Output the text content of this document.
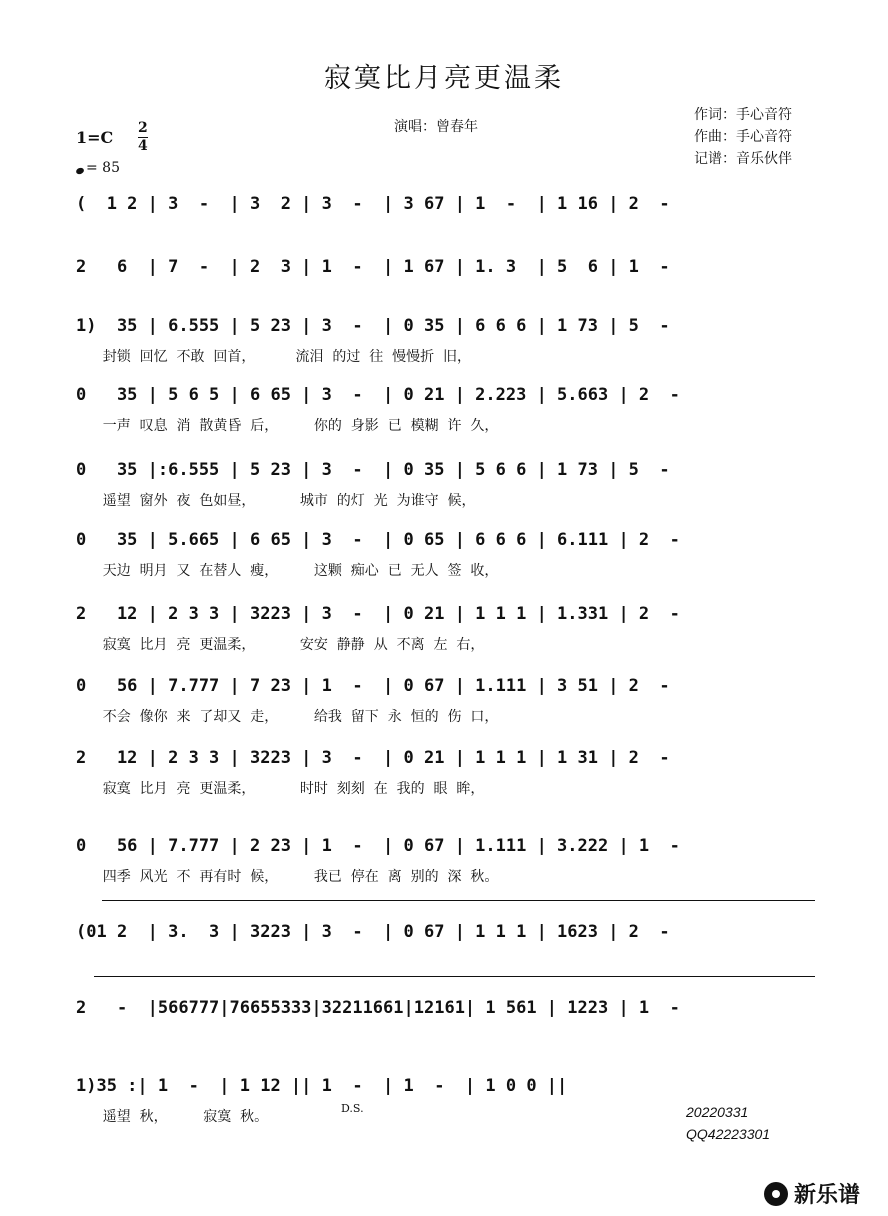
寂寞比月亮更温柔
1=C 2
4
= 85
演唱：曾春年
作词：手心音符
作曲：手心音符
记谱：音乐伙伴
(  1 2 | 3  -  | 3  2 | 3  -  | 3 67 | 1  -  | 1 16 | 2  -
2   6  | 7  -  | 2  3 | 1  -  | 1 67 | 1. 3  | 5  6 | 1  -
1)  35 | 6.555 | 5 23 | 3  -  | 0 35 | 6 6 6 | 1 73 | 5  -
封锁  回忆  不敢  回首，         流泪  的过  往  慢慢折  旧，
0   35 | 5 6 5 | 6 65 | 3  -  | 0 21 | 2.223 | 5.663 | 2  -
一声  叹息  消  散黄昏  后，        你的  身影  已  模糊  许  久，
0   35 |:6.555 | 5 23 | 3  -  | 0 35 | 5 6 6 | 1 73 | 5  -
遥望  窗外  夜  色如昼，          城市  的灯  光  为谁守  候，
0   35 | 5.665 | 6 65 | 3  -  | 0 65 | 6 6 6 | 6.111 | 2  -
天边  明月  又  在替人  瘦，        这颗  痴心  已  无人  签  收，
2   12 | 2 3 3 | 3223 | 3  -  | 0 21 | 1 1 1 | 1.331 | 2  -
寂寞  比月  亮  更温柔，          安安  静静  从  不离  左  右，
0   56 | 7.777 | 7 23 | 1  -  | 0 67 | 1.111 | 3 51 | 2  -
不会  像你  来  了却又  走，        给我  留下  永  恒的  伤  口，
2   12 | 2 3 3 | 3223 | 3  -  | 0 21 | 1 1 1 | 1 31 | 2  -
寂寞  比月  亮  更温柔，          时时  刻刻  在  我的  眼  眸，
0   56 | 7.777 | 2 23 | 1  -  | 0 67 | 1.111 | 3.222 | 1  -
四季  风光  不  再有时  候，        我已  停在  离  别的  深  秋。
(01 2  | 3.  3 | 3223 | 3  -  | 0 67 | 1 1 1 | 1623 | 2  -
2   -  |566777|76655333|32211661|12161| 1 561 | 1223 | 1  -
1)35 :| 1  -  | 1 12 || 1  -  | 1  -  | 1 0 0 ||
遥望  秋，        寂寞  秋。
D.S.	20220331
QQ42223301
新乐谱
